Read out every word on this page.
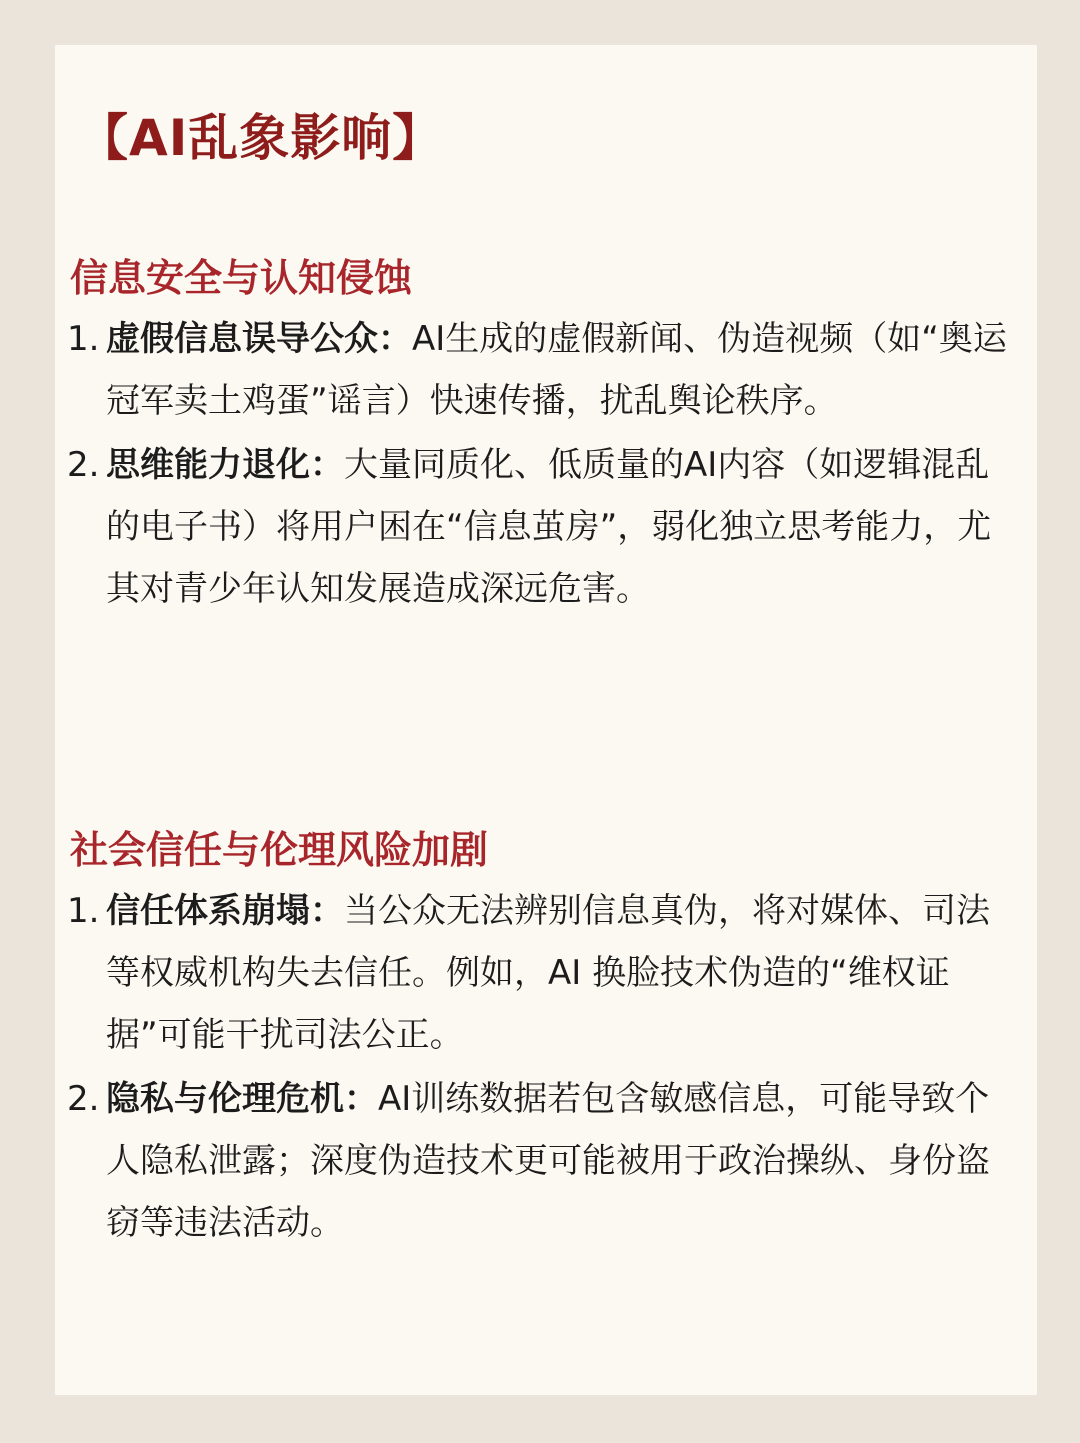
【AI乱象影响】
信息安全与认知侵蚀
1. 虚假信息误导公众：AI生成的虚假新闻、伪造视频（如“奥运冠军卖土鸡蛋”谣言）快速传播，扰乱舆论秩序。
2. 思维能力退化：大量同质化、低质量的AI内容（如逻辑混乱的电子书）将用户困在“信息茧房”，弱化独立思考能力，尤其对青少年认知发展造成深远危害。
社会信任与伦理风险加剧
1. 信任体系崩塌：当公众无法辨别信息真伪，将对媒体、司法等权威机构失去信任。例如，AI 换脸技术伪造的“维权证据”可能干扰司法公正。
2. 隐私与伦理危机：AI训练数据若包含敏感信息，可能导致个人隐私泄露；深度伪造技术更可能被用于政治操纵、身份盗窃等违法活动。
